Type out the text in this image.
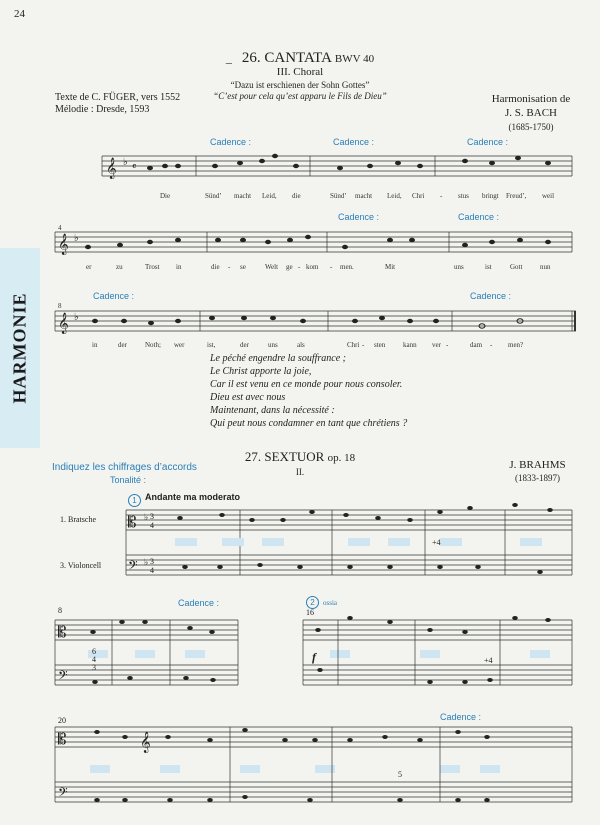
24
HARMONIE
_ 26. CANTATA BWV 40
III. Choral
“Dazu ist erschienen der Sohn Gottes”
“C’est pour cela qu’est apparu le Fils de Dieu”
Texte de C. FÜGER, vers 1552
Mélodie : Dresde, 1593
Harmonisation de
J. S. BACH
(1685-1750)
Cadence :	Cadence :	Cadence :
Cadence :	Cadence :
Cadence :	Cadence :
𝄞 ♭ 𝄴
𝄞 ♭
𝄞 ♭
4
8
𝄡
𝄢
♭
♭
3
4
3
4
𝄡
𝄢
𝄡
𝄢
𝄞
Die	Sünd’ macht Leid, die	Sünd’ macht Leid, Chri - stus bringt Freud’, weil
er	zu	Trost in	die - se	Welt ge - kom - men.	Mit	uns	ist	Gott	nun
in	der	Noth; wer	ist,	der	uns	als	Chri - sten	kann ver -	dam - men?
Le péché engendre la souffrance ;
Le Christ apporte la joie,
Car il est venu en ce monde pour nous consoler.
Dieu est avec nous
Maintenant, dans la nécessité :
Qui peut nous condamner en tant que chrétiens ?
27. SEXTUOR op. 18
Indiquez les chiffrages d’accords	II.
J. BRAHMS
(1833-1897)
Tonalité :
1 Andante ma moderato
1. Bratsche
3. Violoncell
8
Cadence :	2 ossia
16
f
20	Cadence :
+4
6
4
3
+4
5
